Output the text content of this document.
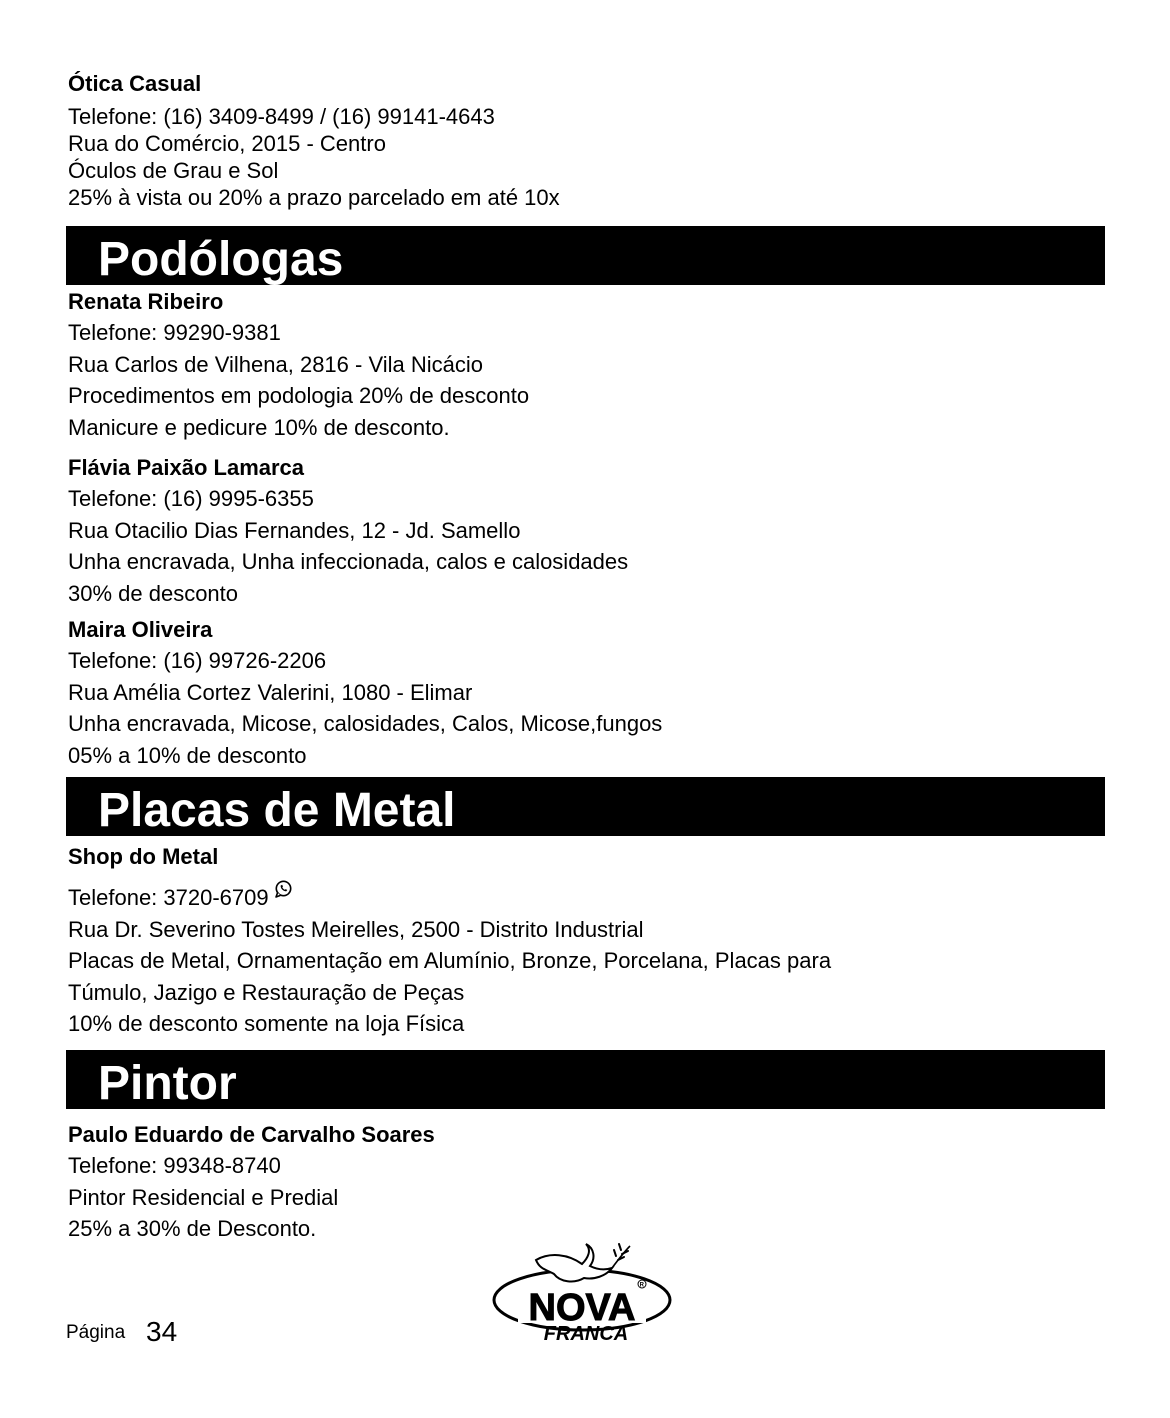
Ótica Casual
Telefone: (16) 3409-8499 / (16) 99141-4643
Rua do Comércio, 2015 - Centro
Óculos de Grau e Sol
25% à vista ou 20% a prazo parcelado em até 10x
Podólogas
Renata Ribeiro
Telefone: 99290-9381
Rua Carlos de Vilhena, 2816 - Vila Nicácio
Procedimentos em podologia 20% de desconto
Manicure e pedicure 10% de desconto.
Flávia Paixão Lamarca
Telefone: (16) 9995-6355
Rua Otacilio Dias Fernandes, 12 - Jd. Samello
Unha encravada, Unha infeccionada, calos e calosidades
30% de desconto
Maira Oliveira
Telefone: (16) 99726-2206
Rua Amélia Cortez Valerini, 1080 - Elimar
Unha encravada, Micose, calosidades, Calos, Micose,fungos
05% a 10% de desconto
Placas de Metal
Shop do Metal
Telefone: 3720-6709
Rua Dr. Severino Tostes Meirelles, 2500 - Distrito Industrial
Placas de Metal, Ornamentação em Alumínio, Bronze, Porcelana, Placas para
Túmulo, Jazigo e Restauração de Peças
10% de desconto somente na loja Física
Pintor
Paulo Eduardo de Carvalho Soares
Telefone: 99348-8740
Pintor Residencial e Predial
25% a 30% de Desconto.
Página 34
R
NOVA
FRANCA
